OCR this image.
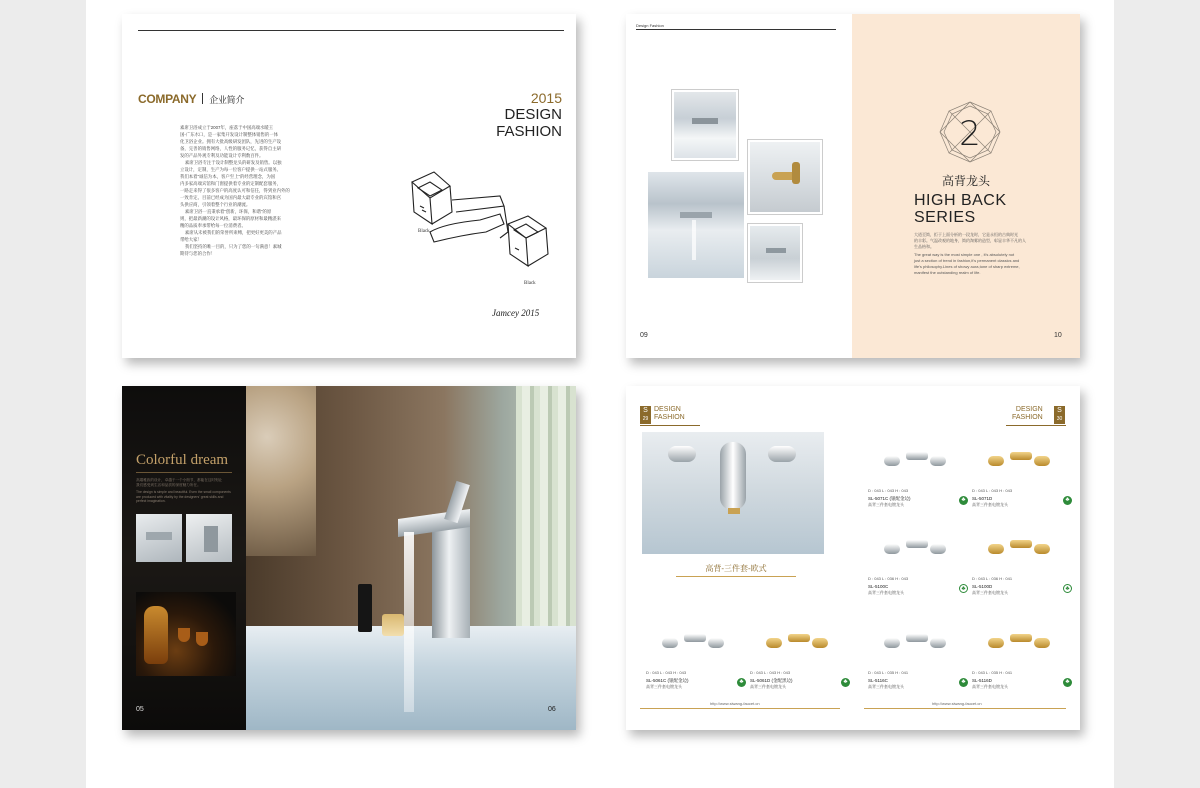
COMPANY 企业简介
素席卫浴成立于2007年，座落于中国高端水暖王
国-广东水口，是一家集开发设计制整体销售的一体
化卫浴企业。拥有大批高级研发团队，先进的生产设
备，完善的销售网络，人性的服务记忆，获得自主研
发的产品外观专利及功能设计专利数百件。
素席卫浴专注于设计制整龙头的研发及销售。以独
立设计，定制，生产为每一位客户提供一站式服务。
我们本着“诚信为本，客户至上”的经营理念，为国
内多家高端宾馆和门窗提供着专业的定制配套服务，
一路走来得了很多客户的高度认可和信任，得到业内外的
一致肯定。目前已经成为国内最大最专业的宾馆和宫
头供应商，引领着整个行业的潮流。
素席卫浴一直秉承着“创新，环保，和谐”的原
则，把最新潮的设计风格，最环保的原材和最精湛来
精的品质奉承带给每一位消费者。
素席从未被我们的荣誉所束缚，把更好更美的产品
带给大家！
我们坚持的唯一目的，只为了您的一句满意！素城
期待与您的合作！
2015
DESIGN
FASHION
Black
Black
Jamcey 2015
Design Fashion
09
2
高背龙头
HIGH BACK
SERIES
大道至简，拒于上面分析的一段龙时，它是永恒的古典时光
的丰彩。气温改观的地身，简约淘雾的造型，彰显丰华不凡的人
生品格和。
The great way is the most simple one , it's absolutely not
just a section of trend in fashion,it's permanent classics and
life's philosophy.Lines of showy aura,tone of sharp extreme,
manifest the outstanding realm of life.
10
Colorful dream
高端雅致的设计，卓越于一个小细节，都能在这时刻让
我们感受到生活和品质的深度魅力所在。
The design is simple and beautiful. Even the small components
are produced with vitality by the designers' great skills and
perfect imagination.
05	06
S
29
DESIGN
FASHION
高背-三件套-欧式
S
30
DESIGN
FASHION
D : 043 L : 043 H : 043
SL-5061C (银配金边)
高背三件套电镀龙头
♣
D : 043 L : 043 H : 043
SL-5061D (金配黑边)
高背三件套电镀龙头
♣
D : 043 L : 043 H : 043
SL-5071C (银配金边)
高背三件套电镀龙头
♣
D : 043 L : 043 H : 043
SL-5071D
高背三件套电镀龙头
♣
D : 043 L : 036 H : 043
SL-5100C
高背三件套电镀龙头
♣
D : 043 L : 036 H : 041
SL-5100D
高背三件套电镀龙头
♣
D : 043 L : 035 H : 041
SL-5116C
高背三件套电镀龙头
♣
D : 043 L : 035 H : 041
SL-5116D
高背三件套电镀龙头
♣
http://www.siwang-faucet.cn	http://www.siwang-faucet.cn
